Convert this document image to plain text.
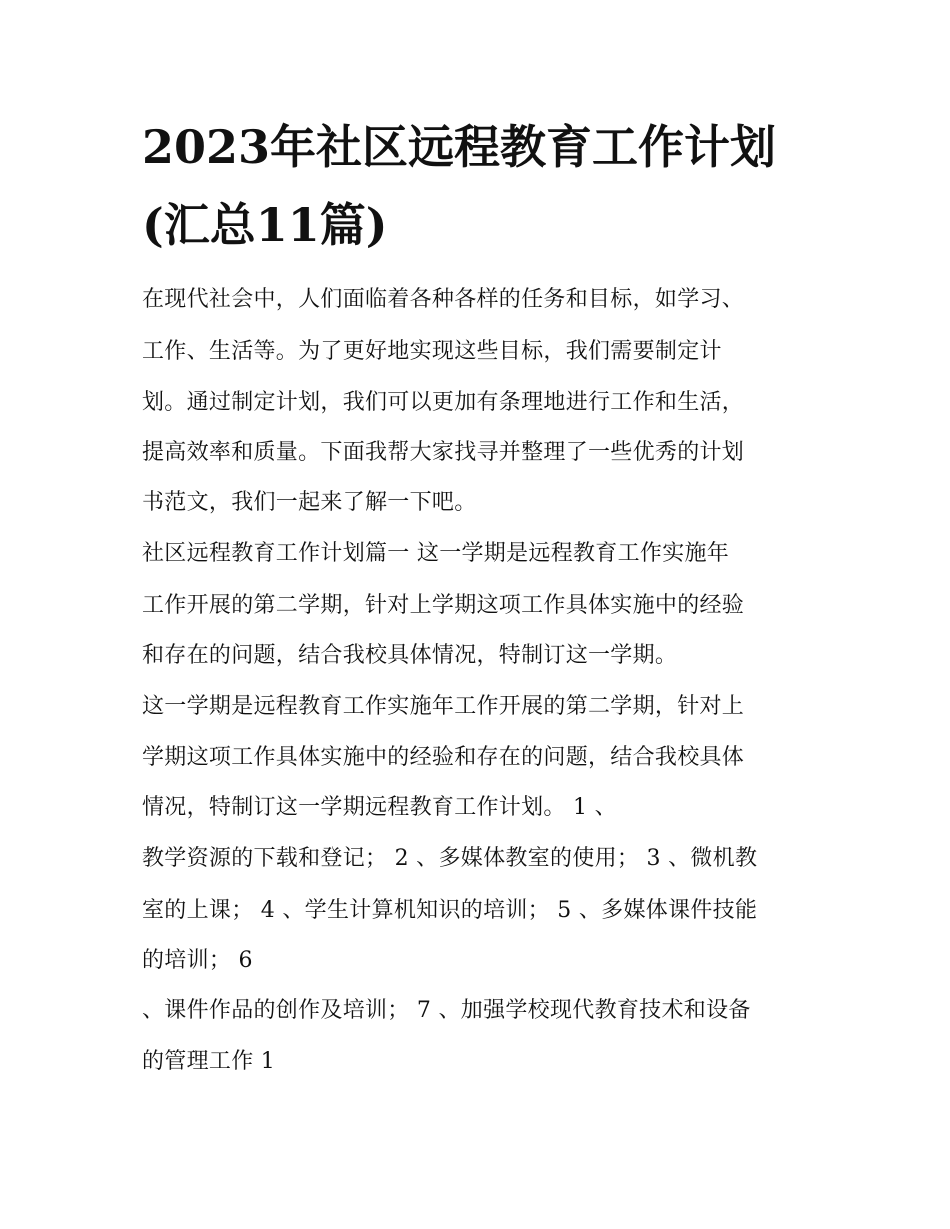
2023年社区远程教育工作计划
(汇总11篇)

在现代社会中，人们面临着各种各样的任务和目标，如学习、

工作、生活等。为了更好地实现这些目标，我们需要制定计

划。通过制定计划，我们可以更加有条理地进行工作和生活，

提高效率和质量。下面我帮大家找寻并整理了一些优秀的计划

书范文，我们一起来了解一下吧。

社区远程教育工作计划篇一 这一学期是远程教育工作实施年

工作开展的第二学期，针对上学期这项工作具体实施中的经验

和存在的问题，结合我校具体情况，特制订这一学期。

这一学期是远程教育工作实施年工作开展的第二学期，针对上

学期这项工作具体实施中的经验和存在的问题，结合我校具体

情况，特制订这一学期远程教育工作计划。 1 、

教学资源的下载和登记； 2 、多媒体教室的使用； 3 、微机教

室的上课； 4 、学生计算机知识的培训； 5 、多媒体课件技能

的培训； 6

、课件作品的创作及培训； 7 、加强学校现代教育技术和设备

的管理工作 1
